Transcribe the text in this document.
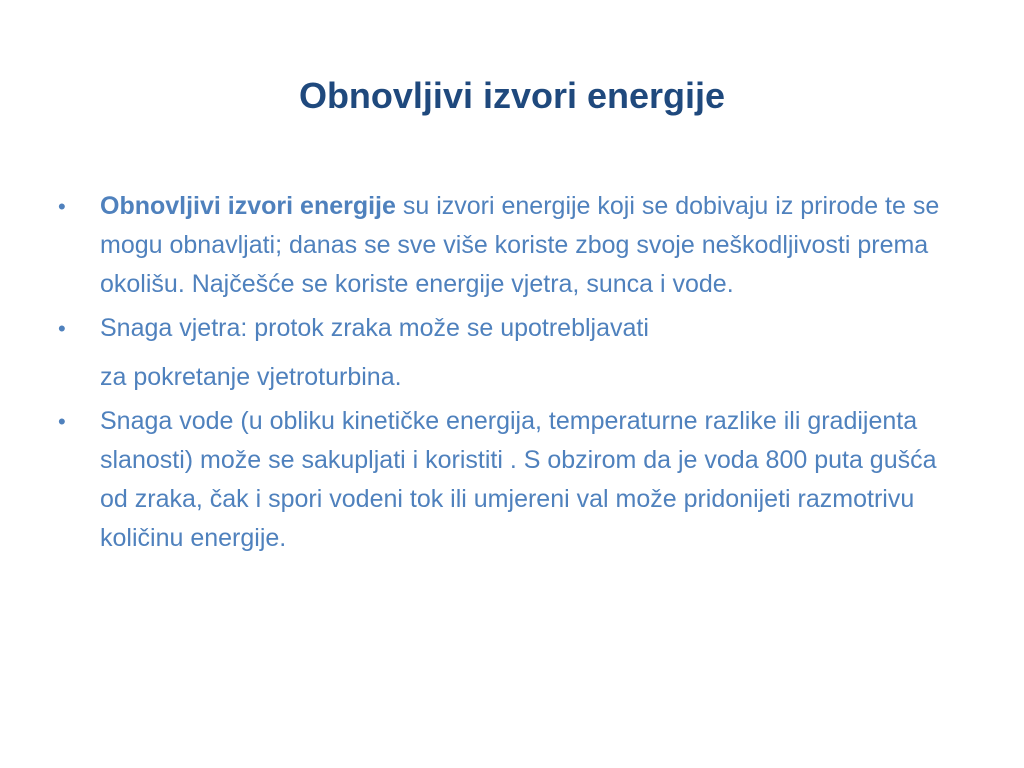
Obnovljivi izvori energije
•	Obnovljivi izvori energije su izvori energije koji se dobivaju iz prirode te se mogu obnavljati; danas se sve više koriste zbog svoje neškodljivosti prema okolišu. Najčešće se koriste energije vjetra, sunca i vode.
•	Snaga vjetra: protok zraka može se upotrebljavati
za pokretanje vjetroturbina.
•	Snaga vode (u obliku kinetičke energija, temperaturne razlike ili gradijenta slanosti) može se sakupljati i koristiti . S obzirom da je voda 800 puta gušća od zraka, čak i spori vodeni tok ili umjereni val može pridonijeti razmotrivu količinu energije.
